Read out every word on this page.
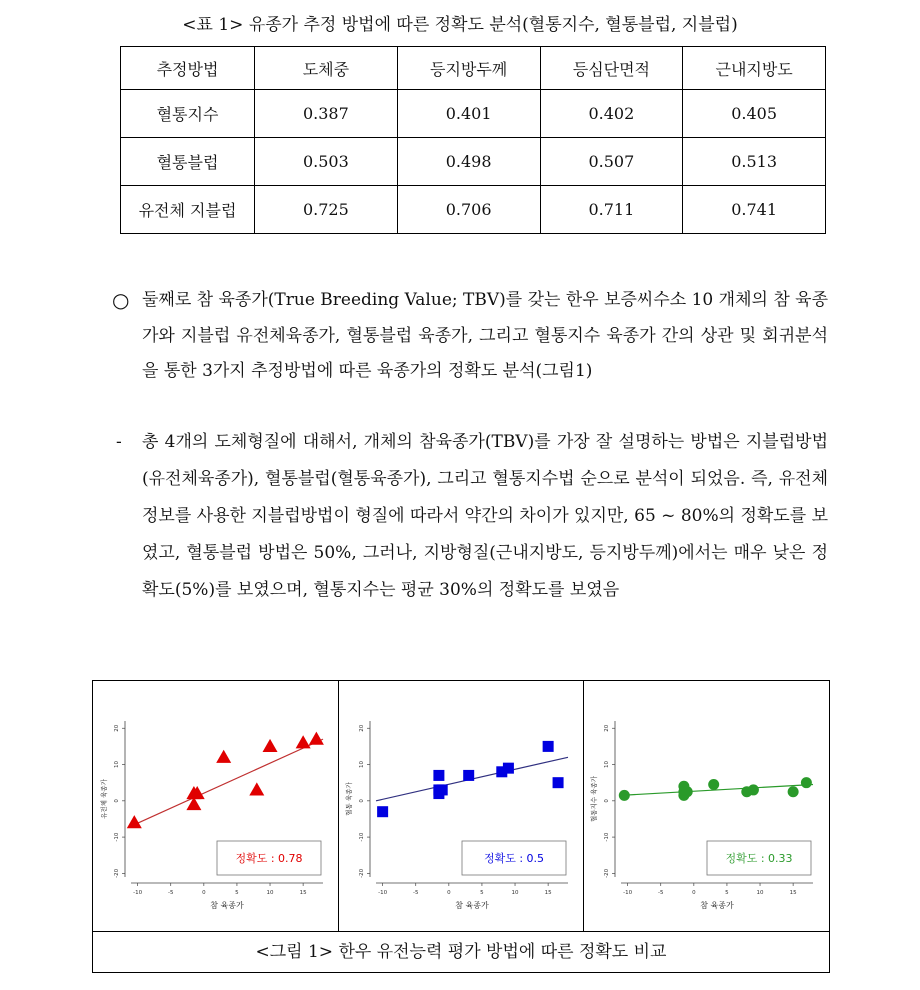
<표 1> 유종가 추정 방법에 따른 정확도 분석(혈통지수, 혈통블럽, 지블럽)
추정방법	도체중	등지방두께	등심단면적	근내지방도
혈통지수	0.387	0.401	0.402	0.405
혈통블럽	0.503	0.498	0.507	0.513
유전체 지블럽	0.725	0.706	0.711	0.741
○ 둘째로 참 육종가(True Breeding Value; TBV)를 갖는 한우 보증씨수소 10 개체의 참 육종가와 지블럽 유전체육종가, 혈통블럽 육종가, 그리고 혈통지수 육종가 간의 상관 및 회귀분석을 통한 3가지 추정방법에 따른 육종가의 정확도 분석(그림1)
- 총 4개의 도체형질에 대해서, 개체의 참육종가(TBV)를 가장 잘 설명하는 방법은 지블럽방법(유전체육종가), 혈통블럽(혈통육종가), 그리고 혈통지수법 순으로 분석이 되었음. 즉, 유전체정보를 사용한 지블럽방법이 형질에 따라서 약간의 차이가 있지만, 65 ~ 80%의 정확도를 보였고, 혈통블럽 방법은 50%, 그러나, 지방형질(근내지방도, 등지방두께)에서는 매우 낮은 정확도(5%)를 보였으며, 혈통지수는 평균 30%의 정확도를 보였음
-10	-5	0	5	10	15
-20
-10
0
10
20
참 육종가
유전체 육종가
정확도 : 0.78
-10	-5	0	5	10	15
-20
-10
0
10
20
참 육종가
혈통 육종가
정확도 : 0.5
-10	-5	0	5	10	15
-20
-10
0
10
20
참 육종가
혈통지수 육종가
정확도 : 0.33
<그림 1> 한우 유전능력 평가 방법에 따른 정확도 비교
